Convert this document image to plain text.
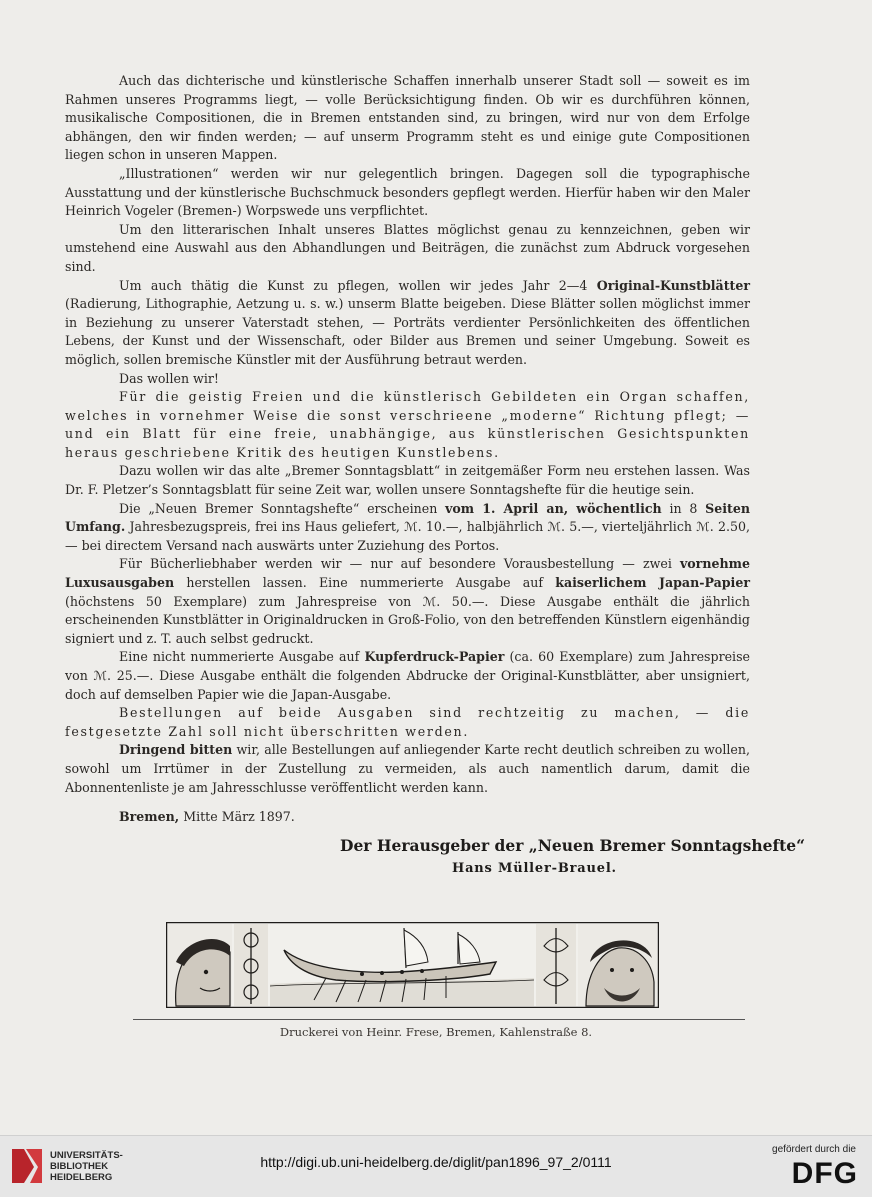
Auch das dichterische und künstlerische Schaffen innerhalb unserer Stadt soll — soweit es im Rahmen unseres Programms liegt, — volle Berücksichtigung finden. Ob wir es durchführen können, musikalische Compositionen, die in Bremen entstanden sind, zu bringen, wird nur von dem Erfolge abhängen, den wir finden werden; — auf unserm Programm steht es und einige gute Compositionen liegen schon in unseren Mappen.

„Illustrationen“ werden wir nur gelegentlich bringen. Dagegen soll die typographische Ausstattung und der künstlerische Buchschmuck besonders gepflegt werden. Hierfür haben wir den Maler Heinrich Vogeler (Bremen-) Worpswede uns verpflichtet.

Um den litterarischen Inhalt unseres Blattes möglichst genau zu kennzeichnen, geben wir umstehend eine Auswahl aus den Abhandlungen und Beiträgen, die zunächst zum Abdruck vorgesehen sind.

Um auch thätig die Kunst zu pflegen, wollen wir jedes Jahr 2—4 Original-Kunstblätter (Radierung, Lithographie, Aetzung u. s. w.) unserm Blatte beigeben. Diese Blätter sollen möglichst immer in Beziehung zu unserer Vaterstadt stehen, — Porträts verdienter Persönlichkeiten des öffentlichen Lebens, der Kunst und der Wissenschaft, oder Bilder aus Bremen und seiner Umgebung. Soweit es möglich, sollen bremische Künstler mit der Ausführung betraut werden.

Das wollen wir!

Für die geistig Freien und die künstlerisch Gebildeten ein Organ schaffen, welches in vornehmer Weise die sonst verschrieene „moderne“ Richtung pflegt; — und ein Blatt für eine freie, unabhängige, aus künstlerischen Gesichtspunkten heraus geschriebene Kritik des heutigen Kunstlebens.

Dazu wollen wir das alte „Bremer Sonntagsblatt“ in zeitgemäßer Form neu erstehen lassen. Was Dr. F. Pletzer’s Sonntagsblatt für seine Zeit war, wollen unsere Sonntagshefte für die heutige sein.

Die „Neuen Bremer Sonntagshefte“ erscheinen vom 1. April an, wöchentlich in 8 Seiten Umfang. Jahresbezugspreis, frei ins Haus geliefert, ℳ. 10.—, halbjährlich ℳ. 5.—, vierteljährlich ℳ. 2.50, — bei directem Versand nach auswärts unter Zuziehung des Portos.

Für Bücherliebhaber werden wir — nur auf besondere Vorausbestellung — zwei vornehme Luxusausgaben herstellen lassen. Eine nummerierte Ausgabe auf kaiserlichem Japan-Papier (höchstens 50 Exemplare) zum Jahrespreise von ℳ. 50.—. Diese Ausgabe enthält die jährlich erscheinenden Kunstblätter in Originaldrucken in Groß-Folio, von den betreffenden Künstlern eigenhändig signiert und z. T. auch selbst gedruckt.

Eine nicht nummerierte Ausgabe auf Kupferdruck-Papier (ca. 60 Exemplare) zum Jahrespreise von ℳ. 25.—. Diese Ausgabe enthält die folgenden Abdrucke der Original-Kunstblätter, aber unsigniert, doch auf demselben Papier wie die Japan-Ausgabe.

Bestellungen auf beide Ausgaben sind rechtzeitig zu machen, — die festgesetzte Zahl soll nicht überschritten werden.

Dringend bitten wir, alle Bestellungen auf anliegender Karte recht deutlich schreiben zu wollen, sowohl um Irrtümer in der Zustellung zu vermeiden, als auch namentlich darum, damit die Abonnentenliste je am Jahresschlusse veröffentlicht werden kann.

Bremen, Mitte März 1897.

Der Herausgeber der „Neuen Bremer Sonntagshefte“
Hans Müller-Brauel.
Druckerei von Heinr. Frese, Bremen, Kahlenstraße 8.
UNIVERSITÄTS-
BIBLIOTHEK
HEIDELBERG
http://digi.ub.uni-heidelberg.de/diglit/pan1896_97_2/0111
gefördert durch die
DFG
